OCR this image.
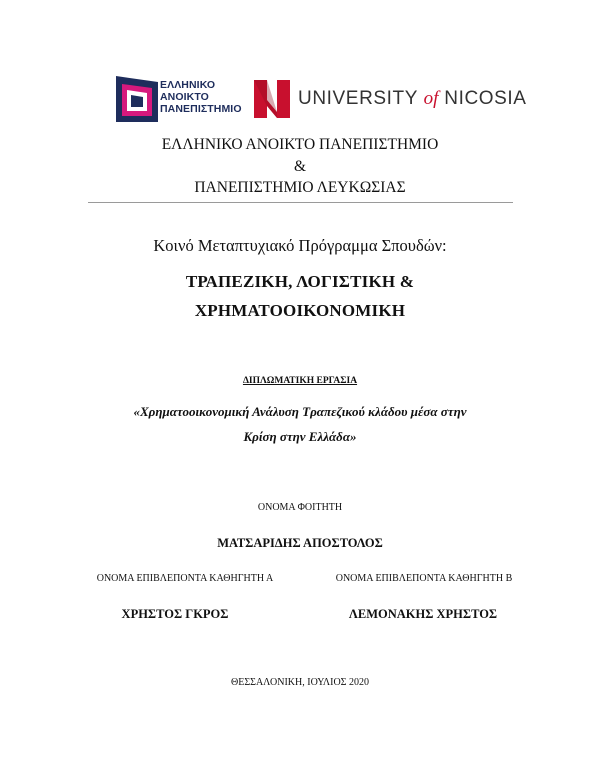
ΕΛΛΗΝΙΚΟ
ΑΝΟΙΚΤΟ
ΠΑΝΕΠΙΣΤΗΜΙΟ	UNIVERSITY of NICOSIA
ΕΛΛΗΝΙΚΟ ΑΝΟΙΚΤΟ ΠΑΝΕΠΙΣΤΗΜΙΟ
&
ΠΑΝΕΠΙΣΤΗΜΙΟ ΛΕΥΚΩΣΙΑΣ
Κοινό Μεταπτυχιακό Πρόγραμμα Σπουδών:
ΤΡΑΠΕΖΙΚΗ, ΛΟΓΙΣΤΙΚΗ &
ΧΡΗΜΑΤΟΟΙΚΟΝΟΜΙΚΗ
ΔΙΠΛΩΜΑΤΙΚΗ ΕΡΓΑΣΙΑ
«Χρηματοοικονομική Ανάλυση Τραπεζικού κλάδου μέσα στην
Κρίση στην Ελλάδα»
ΟΝΟΜΑ ΦΟΙΤΗΤΗ
ΜΑΤΣΑΡΙΔΗΣ ΑΠΟΣΤΟΛΟΣ
ΟΝΟΜΑ ΕΠΙΒΛΕΠΟΝΤΑ ΚΑΘΗΓΗΤΗ Α	ΟΝΟΜΑ ΕΠΙΒΛΕΠΟΝΤΑ ΚΑΘΗΓΗΤΗ Β
ΧΡΗΣΤΟΣ ΓΚΡΟΣ	ΛΕΜΟΝΑΚΗΣ ΧΡΗΣΤΟΣ
ΘΕΣΣΑΛΟΝΙΚΗ, ΙΟΥΛΙΟΣ 2020
